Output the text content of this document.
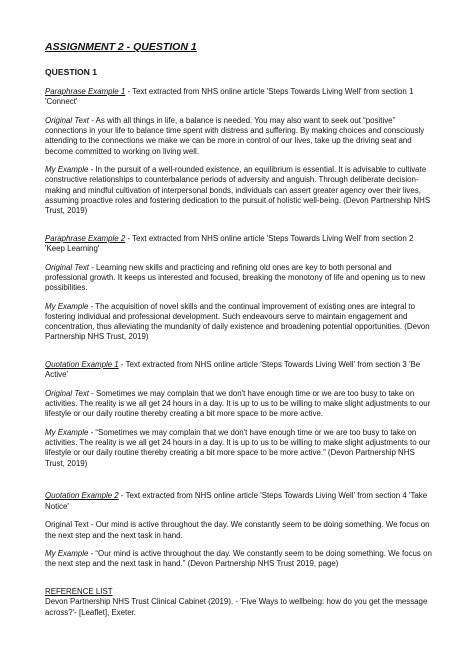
ASSIGNMENT 2 - QUESTION 1
QUESTION 1

Paraphrase Example 1 - Text extracted from NHS online article 'Steps Towards Living Well' from section 1 'Connect'

Original Text - As with all things in life, a balance is needed. You may also want to seek out “positive” connections in your life to balance time spent with distress and suffering. By making choices and consciously attending to the connections we make we can be more in control of our lives, take up the driving seat and become committed to working on living well.

My Example - In the pursuit of a well-rounded existence, an equilibrium is essential. It is advisable to cultivate constructive relationships to counterbalance periods of adversity and anguish. Through deliberate decision-making and mindful cultivation of interpersonal bonds, individuals can assert greater agency over their lives, assuming proactive roles and fostering dedication to the pursuit of holistic well-being. (Devon Partnership NHS Trust, 2019)

Paraphrase Example 2 - Text extracted from NHS online article 'Steps Towards Living Well' from section 2 'Keep Learning'

Original Text - Learning new skills and practicing and refining old ones are key to both personal and professional growth. It keeps us interested and focused, breaking the monotony of life and opening us to new possibilities.

My Example - The acquisition of novel skills and the continual improvement of existing ones are integral to fostering individual and professional development. Such endeavours serve to maintain engagement and concentration, thus alleviating the mundanity of daily existence and broadening potential opportunities. (Devon Partnership NHS Trust, 2019)

Quotation Example 1 - Text extracted from NHS online article 'Steps Towards Living Well' from section 3 'Be Active'

Original Text - Sometimes we may complain that we don't have enough time or we are too busy to take on activities. The reality is we all get 24 hours in a day. It is up to us to be willing to make slight adjustments to our lifestyle or our daily routine thereby creating a bit more space to be more active.

My Example - “Sometimes we may complain that we don't have enough time or we are too busy to take on activities. The reality is we all get 24 hours in a day. It is up to us to be willing to make slight adjustments to our lifestyle or our daily routine thereby creating a bit more space to be more active.” (Devon Partnership NHS Trust, 2019)

Quotation Example 2 - Text extracted from NHS online article 'Steps Towards Living Well' from section 4 'Take Notice'

Original Text - Our mind is active throughout the day. We constantly seem to be doing something. We focus on the next step and the next task in hand.

My Example - “Our mind is active throughout the day. We constantly seem to be doing something. We focus on the next step and the next task in hand.” (Devon Partnership NHS Trust 2019, page)

REFERENCE LIST

Devon Partnership NHS Trust Clinical Cabinet (2019). - 'Five Ways to wellbeing: how do you get the message across?'- [Leaflet], Exeter.
